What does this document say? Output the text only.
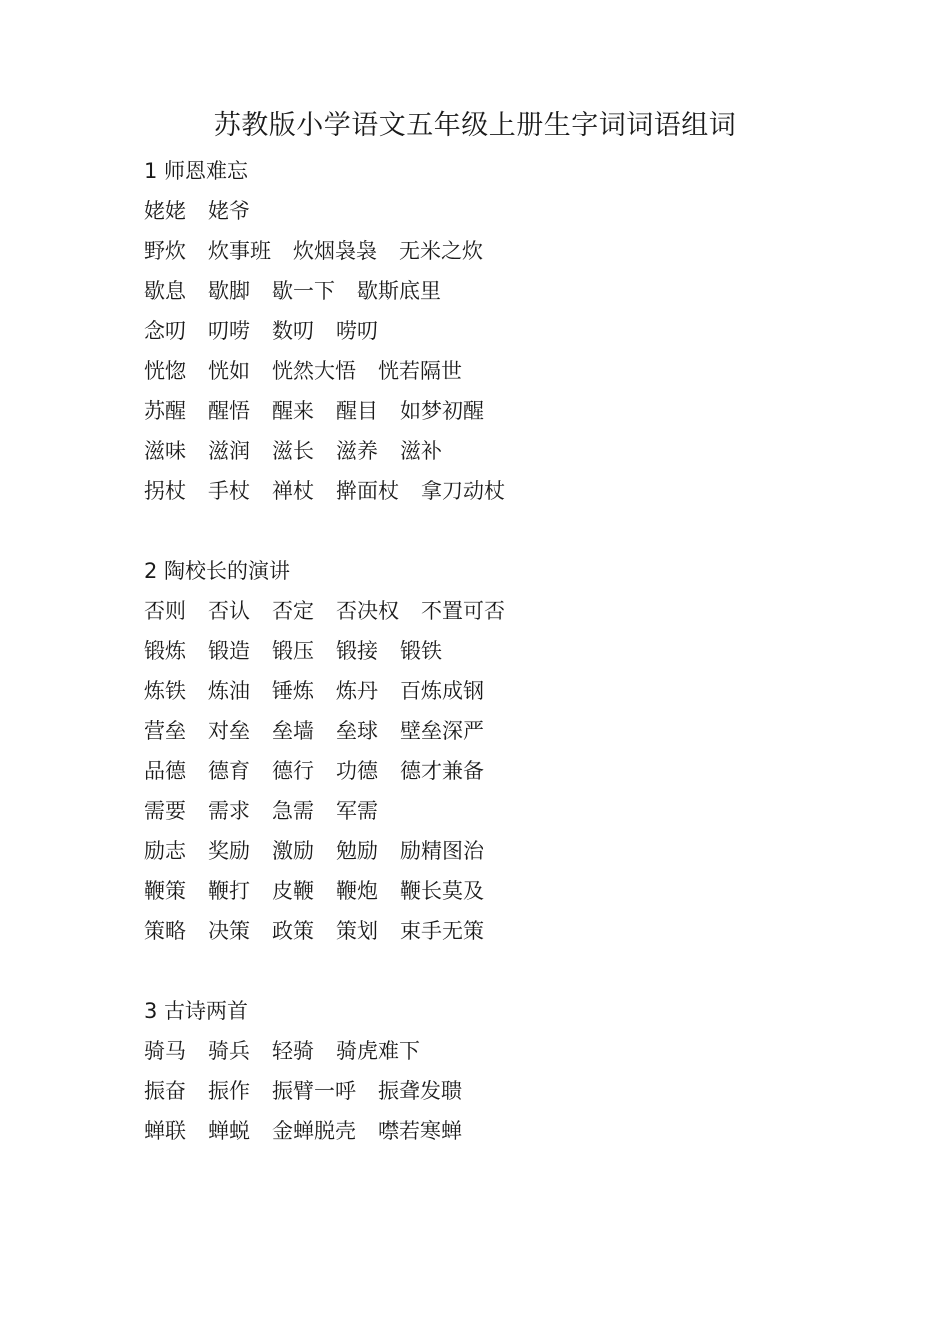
苏教版小学语文五年级上册生字词词语组词
1 师恩难忘
姥姥 姥爷
野炊 炊事班 炊烟袅袅 无米之炊
歇息 歇脚 歇一下 歇斯底里
念叨 叨唠 数叨 唠叨
恍惚 恍如 恍然大悟 恍若隔世
苏醒 醒悟 醒来 醒目 如梦初醒
滋味 滋润 滋长 滋养 滋补
拐杖 手杖 禅杖 擀面杖 拿刀动杖
2 陶校长的演讲
否则 否认 否定 否决权 不置可否
锻炼 锻造 锻压 锻接 锻铁
炼铁 炼油 锤炼 炼丹 百炼成钢
营垒 对垒 垒墙 垒球 壁垒深严
品德 德育 德行 功德 德才兼备
需要 需求 急需 军需
励志 奖励 激励 勉励 励精图治
鞭策 鞭打 皮鞭 鞭炮 鞭长莫及
策略 决策 政策 策划 束手无策
3 古诗两首
骑马 骑兵 轻骑 骑虎难下
振奋 振作 振臂一呼 振聋发聩
蝉联 蝉蜕 金蝉脱壳 噤若寒蝉
